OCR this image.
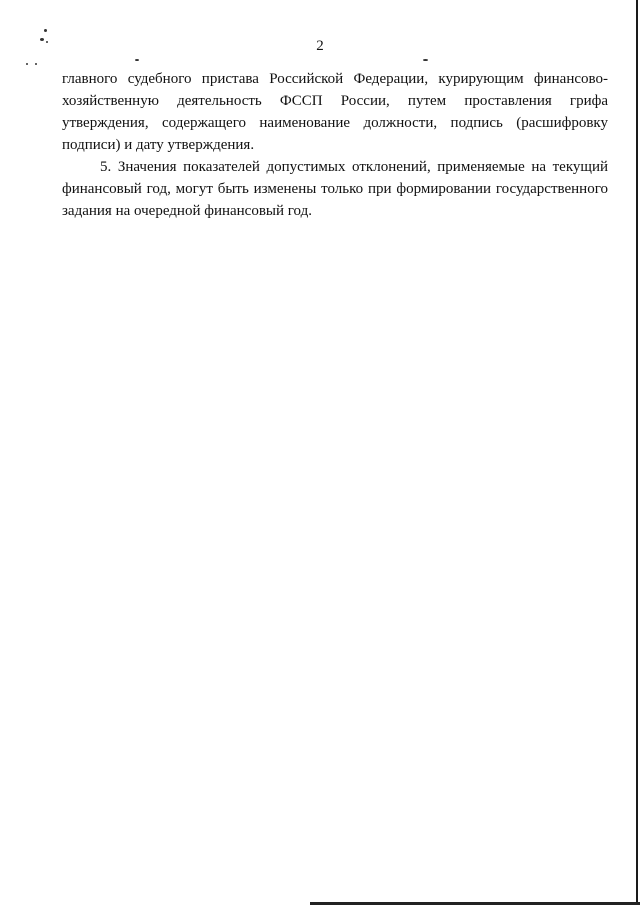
2

главного судебного пристава Российской Федерации, курирующим финансово-хозяйственную деятельность ФССП России, путем проставления грифа утверждения, содержащего наименование должности, подпись (расшифровку подписи) и дату утверждения.

5. Значения показателей допустимых отклонений, применяемые на текущий финансовый год, могут быть изменены только при формировании государственного задания на очередной финансовый год.
